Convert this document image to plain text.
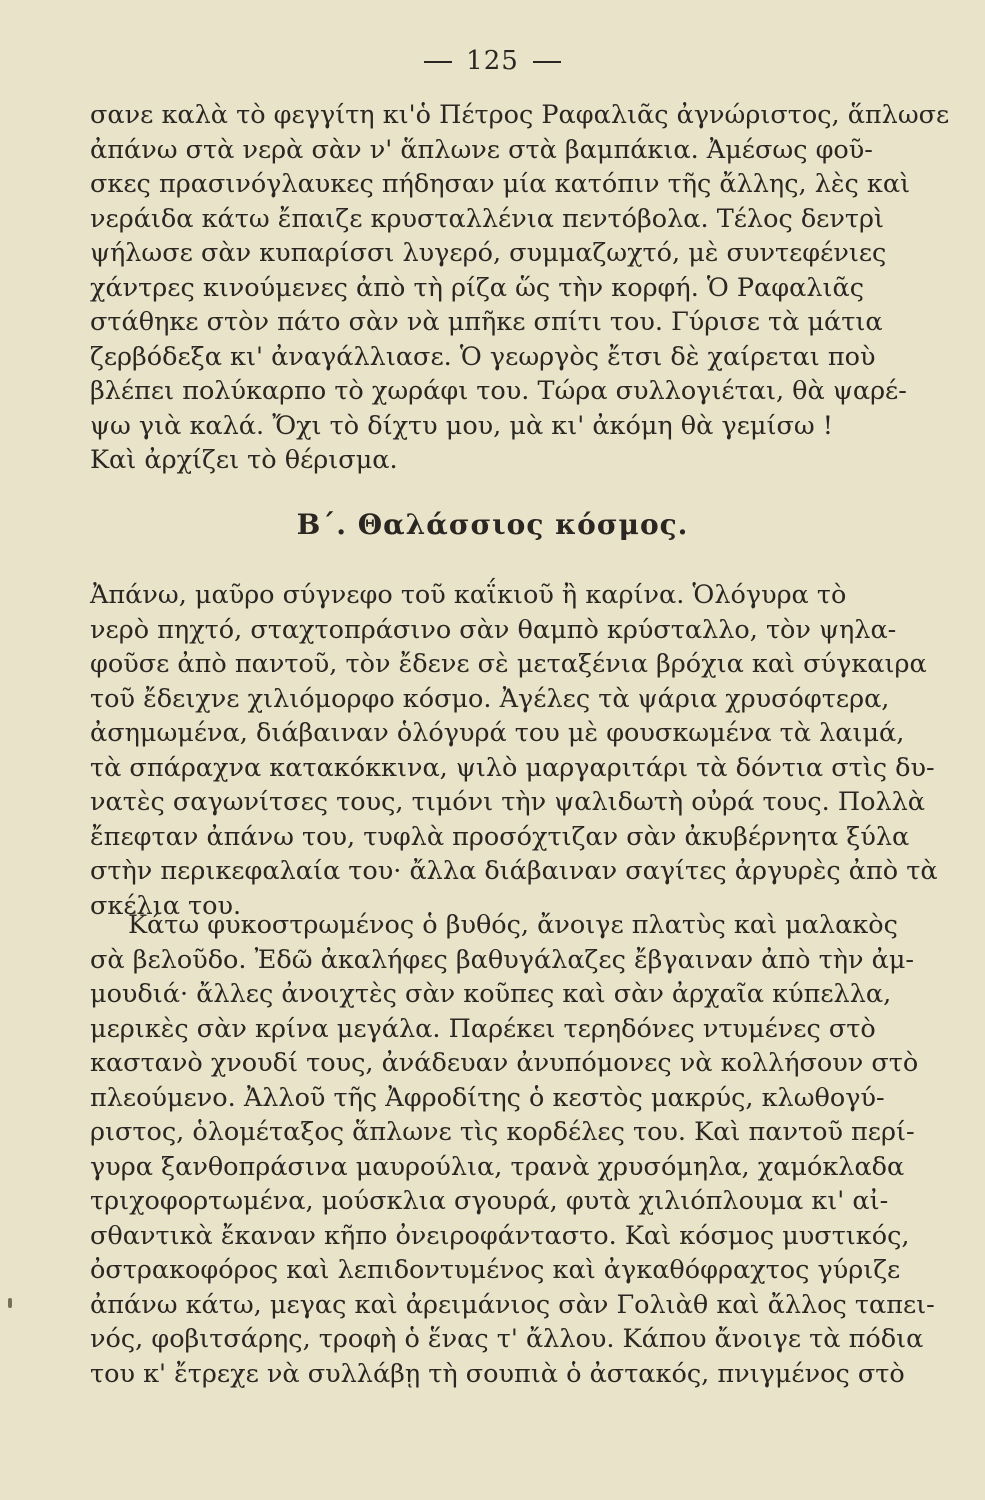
125
σανε καλὰ τὸ φεγγίτη κι'ὁ Πέτρος Ραφαλιᾶς ἀγνώριστος, ἅπλωσε
ἀπάνω στὰ νερὰ σὰν ν' ἅπλωνε στὰ βαμπάκια. Ἀμέσως φοῦ-
σκες πρασινόγλαυκες πήδησαν μία κατόπιν τῆς ἄλλης, λὲς καὶ
νεράιδα κάτω ἔπαιζε κρυσταλλένια πεντόβολα. Τέλος δεντρὶ
ψήλωσε σὰν κυπαρίσσι λυγερό, συμμαζωχτό, μὲ συντεφένιες
χάντρες κινούμενες ἀπὸ τὴ ρίζα ὥς τὴν κορφή. Ὁ Ραφαλιᾶς
στάθηκε στὸν πάτο σὰν νὰ μπῆκε σπίτι του. Γύρισε τὰ μάτια
ζερβόδεξα κι' ἀναγάλλιασε. Ὁ γεωργὸς ἔτσι δὲ χαίρεται ποὺ
βλέπει πολύκαρπο τὸ χωράφι του. Τώρα συλλογιέται, θὰ ψαρέ-
ψω γιὰ καλά. Ὄχι τὸ δίχτυ μου, μὰ κι' ἀκόμη θὰ γεμίσω !
Καὶ ἀρχίζει τὸ θέρισμα.
Β΄. Θαλάσσιος κόσμος.
Ἀπάνω, μαῦρο σύγνεφο τοῦ καΐκιοῦ ἢ καρίνα. Ὁλόγυρα τὸ
νερὸ πηχτό, σταχτοπράσινο σὰν θαμπὸ κρύσταλλο, τὸν ψηλα-
φοῦσε ἀπὸ παντοῦ, τὸν ἔδενε σὲ μεταξένια βρόχια καὶ σύγκαιρα
τοῦ ἔδειχνε χιλιόμορφο κόσμο. Ἀγέλες τὰ ψάρια χρυσόφτερα,
ἀσημωμένα, διάβαιναν ὁλόγυρά του μὲ φουσκωμένα τὰ λαιμά,
τὰ σπάραχνα κατακόκκινα, ψιλὸ μαργαριτάρι τὰ δόντια στὶς δυ-
νατὲς σαγωνίτσες τους, τιμόνι τὴν ψαλιδωτὴ οὐρά τους. Πολλὰ
ἔπεφταν ἀπάνω του, τυφλὰ προσόχτιζαν σὰν ἀκυβέρνητα ξύλα
στὴν περικεφαλαία του· ἄλλα διάβαιναν σαγίτες ἀργυρὲς ἀπὸ τὰ
σκέλια του.
Κάτω φυκοστρωμένος ὁ βυθός, ἄνοιγε πλατὺς καὶ μαλακὸς
σὰ βελοῦδο. Ἐδῶ ἀκαλήφες βαθυγάλαζες ἔβγαιναν ἀπὸ τὴν ἀμ-
μουδιά· ἄλλες ἀνοιχτὲς σὰν κοῦπες καὶ σὰν ἀρχαῖα κύπελλα,
μερικὲς σὰν κρίνα μεγάλα. Παρέκει τερηδόνες ντυμένες στὸ
καστανὸ χνουδί τους, ἀνάδευαν ἀνυπόμονες νὰ κολλήσουν στὸ
πλεούμενο. Ἀλλοῦ τῆς Ἀφροδίτης ὁ κεστὸς μακρύς, κλωθογύ-
ριστος, ὁλομέταξος ἅπλωνε τὶς κορδέλες του. Καὶ παντοῦ περί-
γυρα ξανθοπράσινα μαυρούλια, τρανὰ χρυσόμηλα, χαμόκλαδα
τριχοφορτωμένα, μούσκλια σγουρά, φυτὰ χιλιόπλουμα κι' αἰ-
σθαντικὰ ἔκαναν κῆπο ὀνειροφάνταστο. Καὶ κόσμος μυστικός,
ὀστρακοφόρος καὶ λεπιδοντυμένος καὶ ἀγκαθόφραχτος γύριζε
ἀπάνω κάτω, μεγας καὶ ἀρειμάνιος σὰν Γολιὰθ καὶ ἄλλος ταπει-
νός, φοβιτσάρης, τροφὴ ὁ ἕνας τ' ἄλλου. Κάπου ἄνοιγε τὰ πόδια
του κ' ἔτρεχε νὰ συλλάβῃ τὴ σουπιὰ ὁ ἀστακός, πνιγμένος στὸ
